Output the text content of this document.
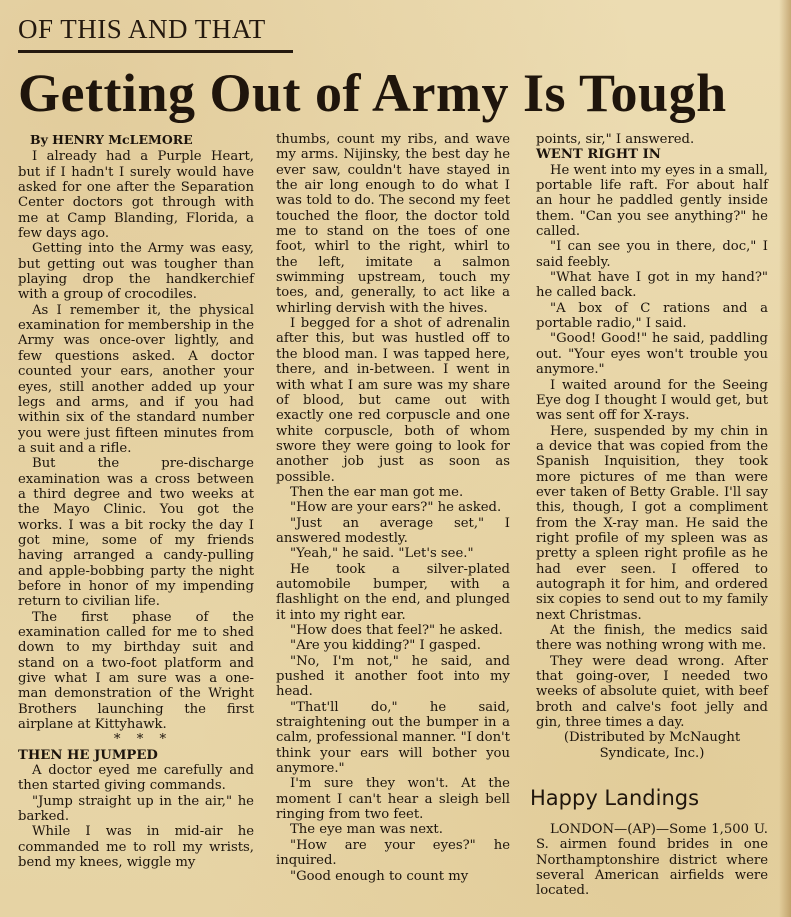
OF THIS AND THAT
Getting Out of Army Is Tough

By HENRY McLEMORE

I already had a Purple Heart, but if I hadn't I surely would have asked for one after the Separation Center doctors got through with me at Camp Blanding, Florida, a few days ago.

Getting into the Army was easy, but getting out was tougher than playing drop the handkerchief with a group of crocodiles.

As I remember it, the physical examination for membership in the Army was once-over lightly, and few questions asked. A doctor counted your ears, another your eyes, still another added up your legs and arms, and if you had within six of the standard number you were just fifteen minutes from a suit and a rifle.

But the pre-discharge examination was a cross between a third degree and two weeks at the Mayo Clinic. You got the works. I was a bit rocky the day I got mine, some of my friends having arranged a candy-pulling and apple-bobbing party the night before in honor of my impending return to civilian life.

The first phase of the examination called for me to shed down to my birthday suit and stand on a two-foot platform and give what I am sure was a one-man demonstration of the Wright Brothers launching the first airplane at Kittyhawk.

* * *

THEN HE JUMPED

A doctor eyed me carefully and then started giving commands.

"Jump straight up in the air," he barked.

While I was in mid-air he commanded me to roll my wrists, bend my knees, wiggle my

thumbs, count my ribs, and wave my arms. Nijinsky, the best day he ever saw, couldn't have stayed in the air long enough to do what I was told to do. The second my feet touched the floor, the doctor told me to stand on the toes of one foot, whirl to the right, whirl to the left, imitate a salmon swimming upstream, touch my toes, and, generally, to act like a whirling dervish with the hives.

I begged for a shot of adrenalin after this, but was hustled off to the blood man. I was tapped here, there, and in-between. I went in with what I am sure was my share of blood, but came out with exactly one red corpuscle and one white corpuscle, both of whom swore they were going to look for another job just as soon as possible.

Then the ear man got me.

"How are your ears?" he asked.

"Just an average set," I answered modestly.

"Yeah," he said. "Let's see."

He took a silver-plated automobile bumper, with a flashlight on the end, and plunged it into my right ear.

"How does that feel?" he asked.

"Are you kidding?" I gasped.

"No, I'm not," he said, and pushed it another foot into my head.

"That'll do," he said, straightening out the bumper in a calm, professional manner. "I don't think your ears will bother you anymore."

I'm sure they won't. At the moment I can't hear a sleigh bell ringing from two feet.

The eye man was next.

"How are your eyes?" he inquired.

"Good enough to count my

points, sir," I answered.

WENT RIGHT IN

He went into my eyes in a small, portable life raft. For about half an hour he paddled gently inside them. "Can you see anything?" he called.

"I can see you in there, doc," I said feebly.

"What have I got in my hand?" he called back.

"A box of C rations and a portable radio," I said.

"Good! Good!" he said, paddling out. "Your eyes won't trouble you anymore."

I waited around for the Seeing Eye dog I thought I would get, but was sent off for X-rays.

Here, suspended by my chin in a device that was copied from the Spanish Inquisition, they took more pictures of me than were ever taken of Betty Grable. I'll say this, though, I got a compliment from the X-ray man. He said the right profile of my spleen was as pretty a spleen right profile as he had ever seen. I offered to autograph it for him, and ordered six copies to send out to my family next Christmas.

At the finish, the medics said there was nothing wrong with me.

They were dead wrong. After that going-over, I needed two weeks of absolute quiet, with beef broth and calve's foot jelly and gin, three times a day.

(Distributed by McNaught

Syndicate, Inc.)

Happy Landings

LONDON—(AP)—Some 1,500 U. S. airmen found brides in one Northamptonshire district where several American airfields were located.
